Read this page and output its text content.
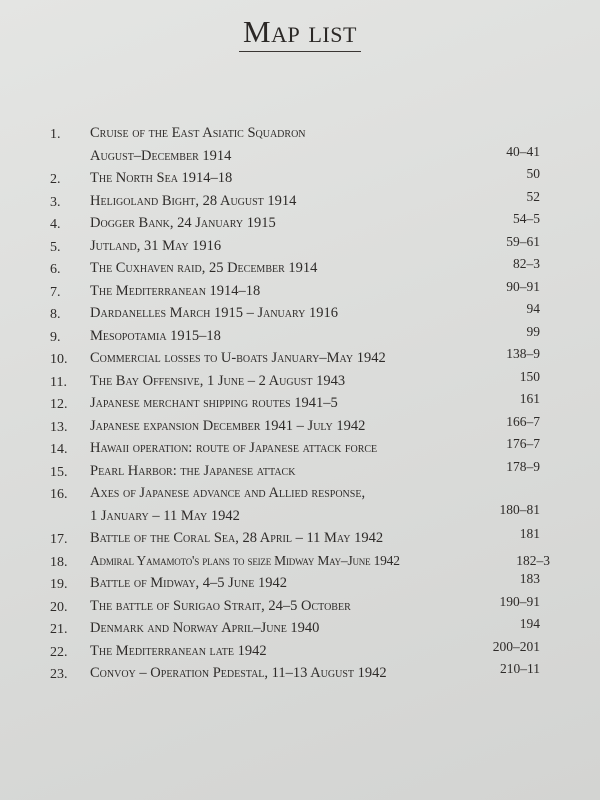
Map list
1.	Cruise of the East Asiatic Squadron
August–December 1914	40–41
2.	The North Sea 1914–18	50
3.	Heligoland Bight, 28 August 1914	52
4.	Dogger Bank, 24 January 1915	54–5
5.	Jutland, 31 May 1916	59–61
6.	The Cuxhaven raid, 25 December 1914	82–3
7.	The Mediterranean 1914–18	90–91
8.	Dardanelles March 1915 – January 1916	94
9.	Mesopotamia 1915–18	99
10.	Commercial losses to U-boats January–May 1942	138–9
11.	The Bay Offensive, 1 June – 2 August 1943	150
12.	Japanese merchant shipping routes 1941–5	161
13.	Japanese expansion December 1941 – July 1942	166–7
14.	Hawaii operation: route of Japanese attack force	176–7
15.	Pearl Harbor: the Japanese attack	178–9
16.	Axes of Japanese advance and Allied response,
1 January – 11 May 1942	180–81
17.	Battle of the Coral Sea, 28 April – 11 May 1942	181
18.	Admiral Yamamoto's plans to seize Midway May–June 1942	182–3
19.	Battle of Midway, 4–5 June 1942	183
20.	The battle of Surigao Strait, 24–5 October	190–91
21.	Denmark and Norway April–June 1940	194
22.	The Mediterranean late 1942	200–201
23.	Convoy – Operation Pedestal, 11–13 August 1942	210–11
